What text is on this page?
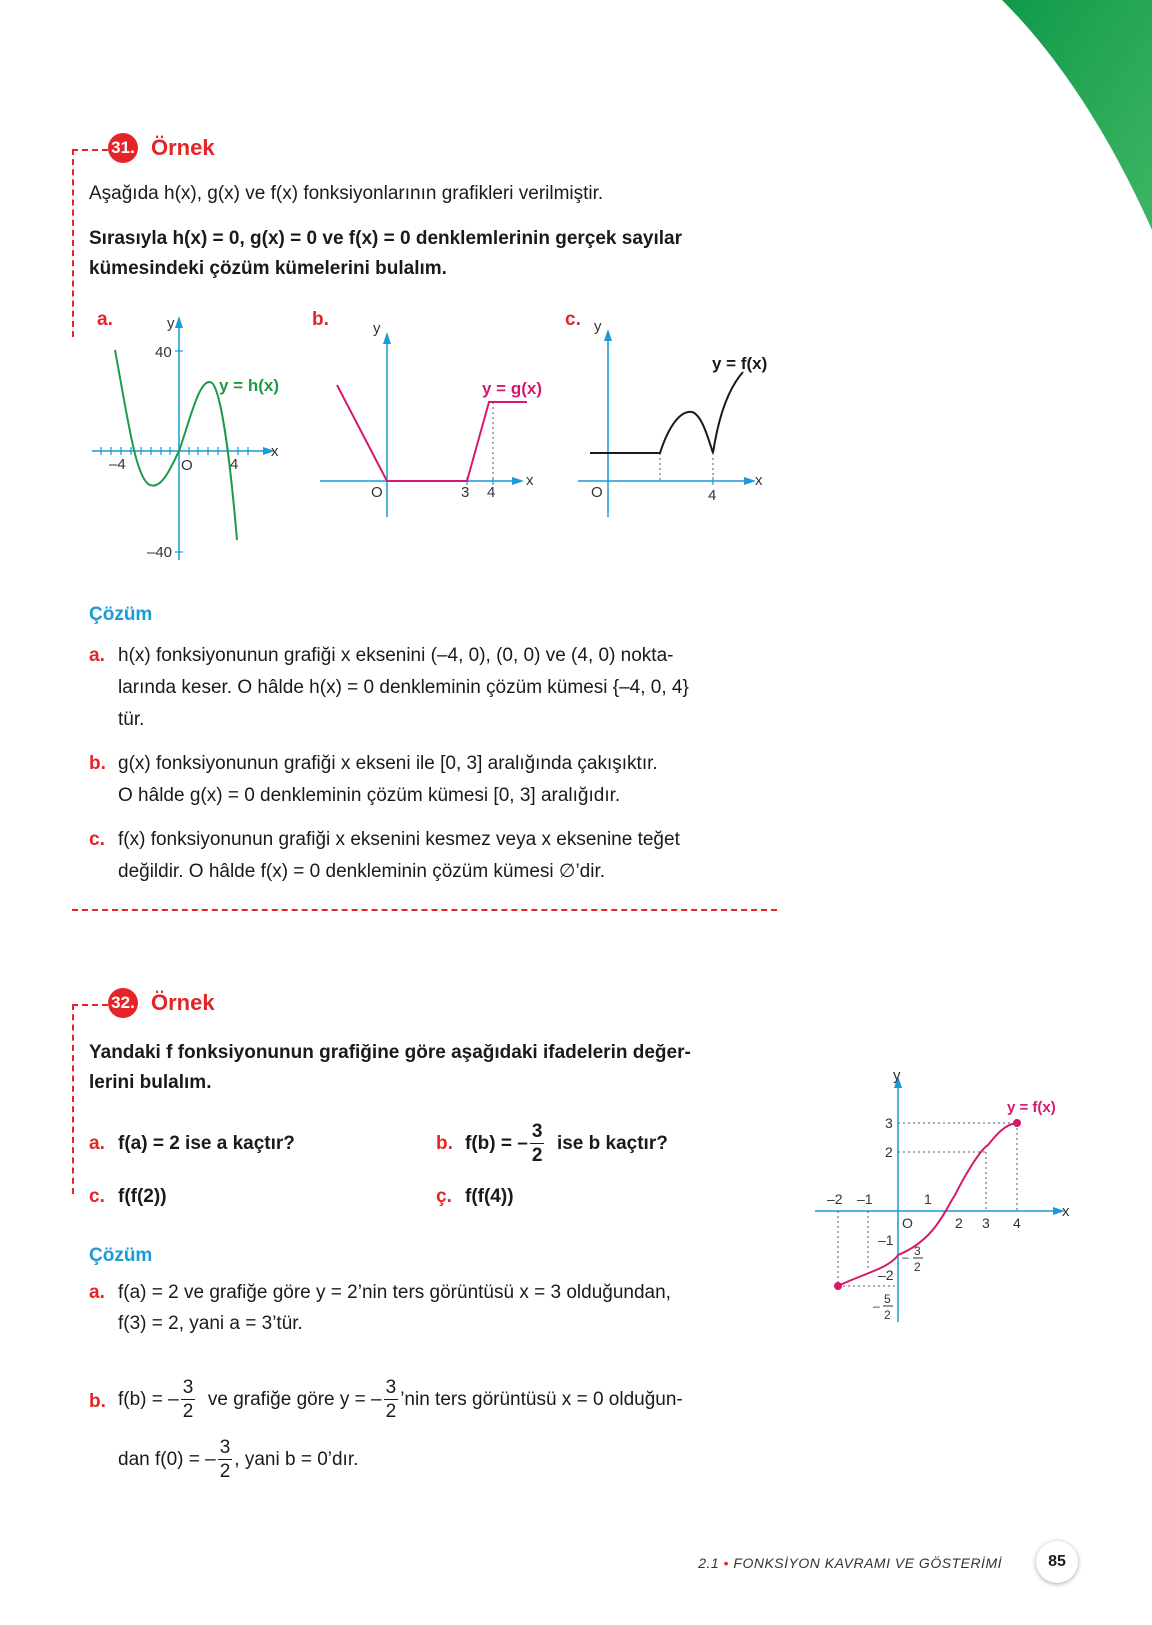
31. Örnek
Aşağıda h(x), g(x) ve f(x) fonksiyonlarının grafikleri verilmiştir.
Sırasıyla h(x) = 0, g(x) = 0 ve f(x) = 0 denklemlerinin gerçek sayılar
kümesindeki çözüm kümelerini bulalım.
a.	y
x
40
–40
–4	O 4
y = h(x)
b.	y
x
O	3 4
y = g(x)
c. y
x
O	4
y = f(x)
Çözüm
a. h(x) fonksiyonunun grafiği x eksenini (–4, 0), (0, 0) ve (4, 0) nokta-
larında keser. O hâlde h(x) = 0 denkleminin çözüm kümesi {–4, 0, 4}
tür.
b. g(x) fonksiyonunun grafiği x ekseni ile [0, 3] aralığında çakışıktır.
O hâlde g(x) = 0 denkleminin çözüm kümesi [0, 3] aralığıdır.
c. f(x) fonksiyonunun grafiği x eksenini kesmez veya x eksenine teğet
değildir. O hâlde f(x) = 0 denkleminin çözüm kümesi ∅’dir.
32. Örnek
Yandaki f fonksiyonunun grafiğine göre aşağıdaki ifadelerin değer-
lerini bulalım.
a. f(a) = 2 ise a kaçtır?	b. f(b) = – $\frac{3}{2}$ ise b kaçtır?
c. f(f(2))	ç. f(f(4))
Çözüm
a. f(a) = 2 ve grafiğe göre y = 2’nin ters görüntüsü x = 3 olduğundan,
f(3) = 2, yani a = 3’tür.
b. f(b) = – $\frac{3}{2}$ ve grafiğe göre y = – $\frac{3}{2}$ ’nin ters görüntüsü x = 0 olduğun-
dan f(0) = – $\frac{3}{2}$ , yani b = 0’dır.
y
x
–2 –1	1
O	2 3 4
3
2
–1
–2
– 3
2
– 5
2
y = f(x)
2.1 • FONKSİYON KAVRAMI VE GÖSTERİMİ	85
